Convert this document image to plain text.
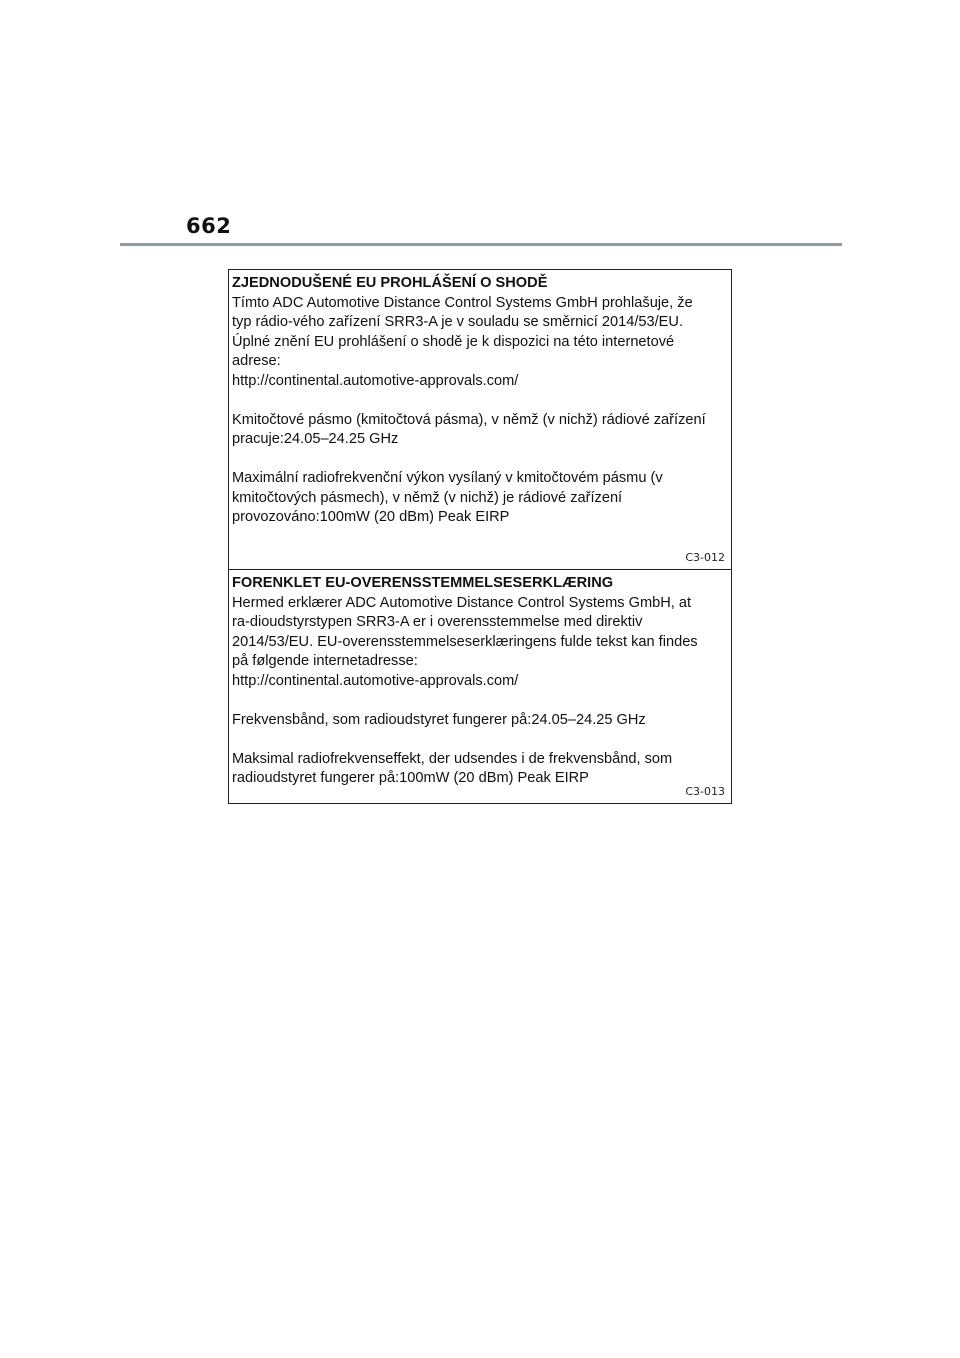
662
ZJEDNODUŠENÉ EU PROHLÁŠENÍ O SHODĚ
Tímto ADC Automotive Distance Control Systems GmbH prohlašuje, že
typ rádio-vého zařízení SRR3-A je v souladu se směrnicí 2014/53/EU.
Úplné znění EU prohlášení o shodě je k dispozici na této internetové
adrese:
http://continental.automotive-approvals.com/
Kmitočtové pásmo (kmitočtová pásma), v němž (v nichž) rádiové zařízení
pracuje:24.05–24.25 GHz
Maximální radiofrekvenční výkon vysílaný v kmitočtovém pásmu (v
kmitočtových pásmech), v němž (v nichž) je rádiové zařízení
provozováno:100mW (20 dBm) Peak EIRP
C3-012
FORENKLET EU-OVERENSSTEMMELSESERKLÆRING
Hermed erklærer ADC Automotive Distance Control Systems GmbH, at
ra-dioudstyrstypen SRR3-A er i overensstemmelse med direktiv
2014/53/EU. EU-overensstemmelseserklæringens fulde tekst kan findes
på følgende internetadresse:
http://continental.automotive-approvals.com/
Frekvensbånd, som radioudstyret fungerer på:24.05–24.25 GHz
Maksimal radiofrekvenseffekt, der udsendes i de frekvensbånd, som
radioudstyret fungerer på:100mW (20 dBm) Peak EIRP
C3-013
